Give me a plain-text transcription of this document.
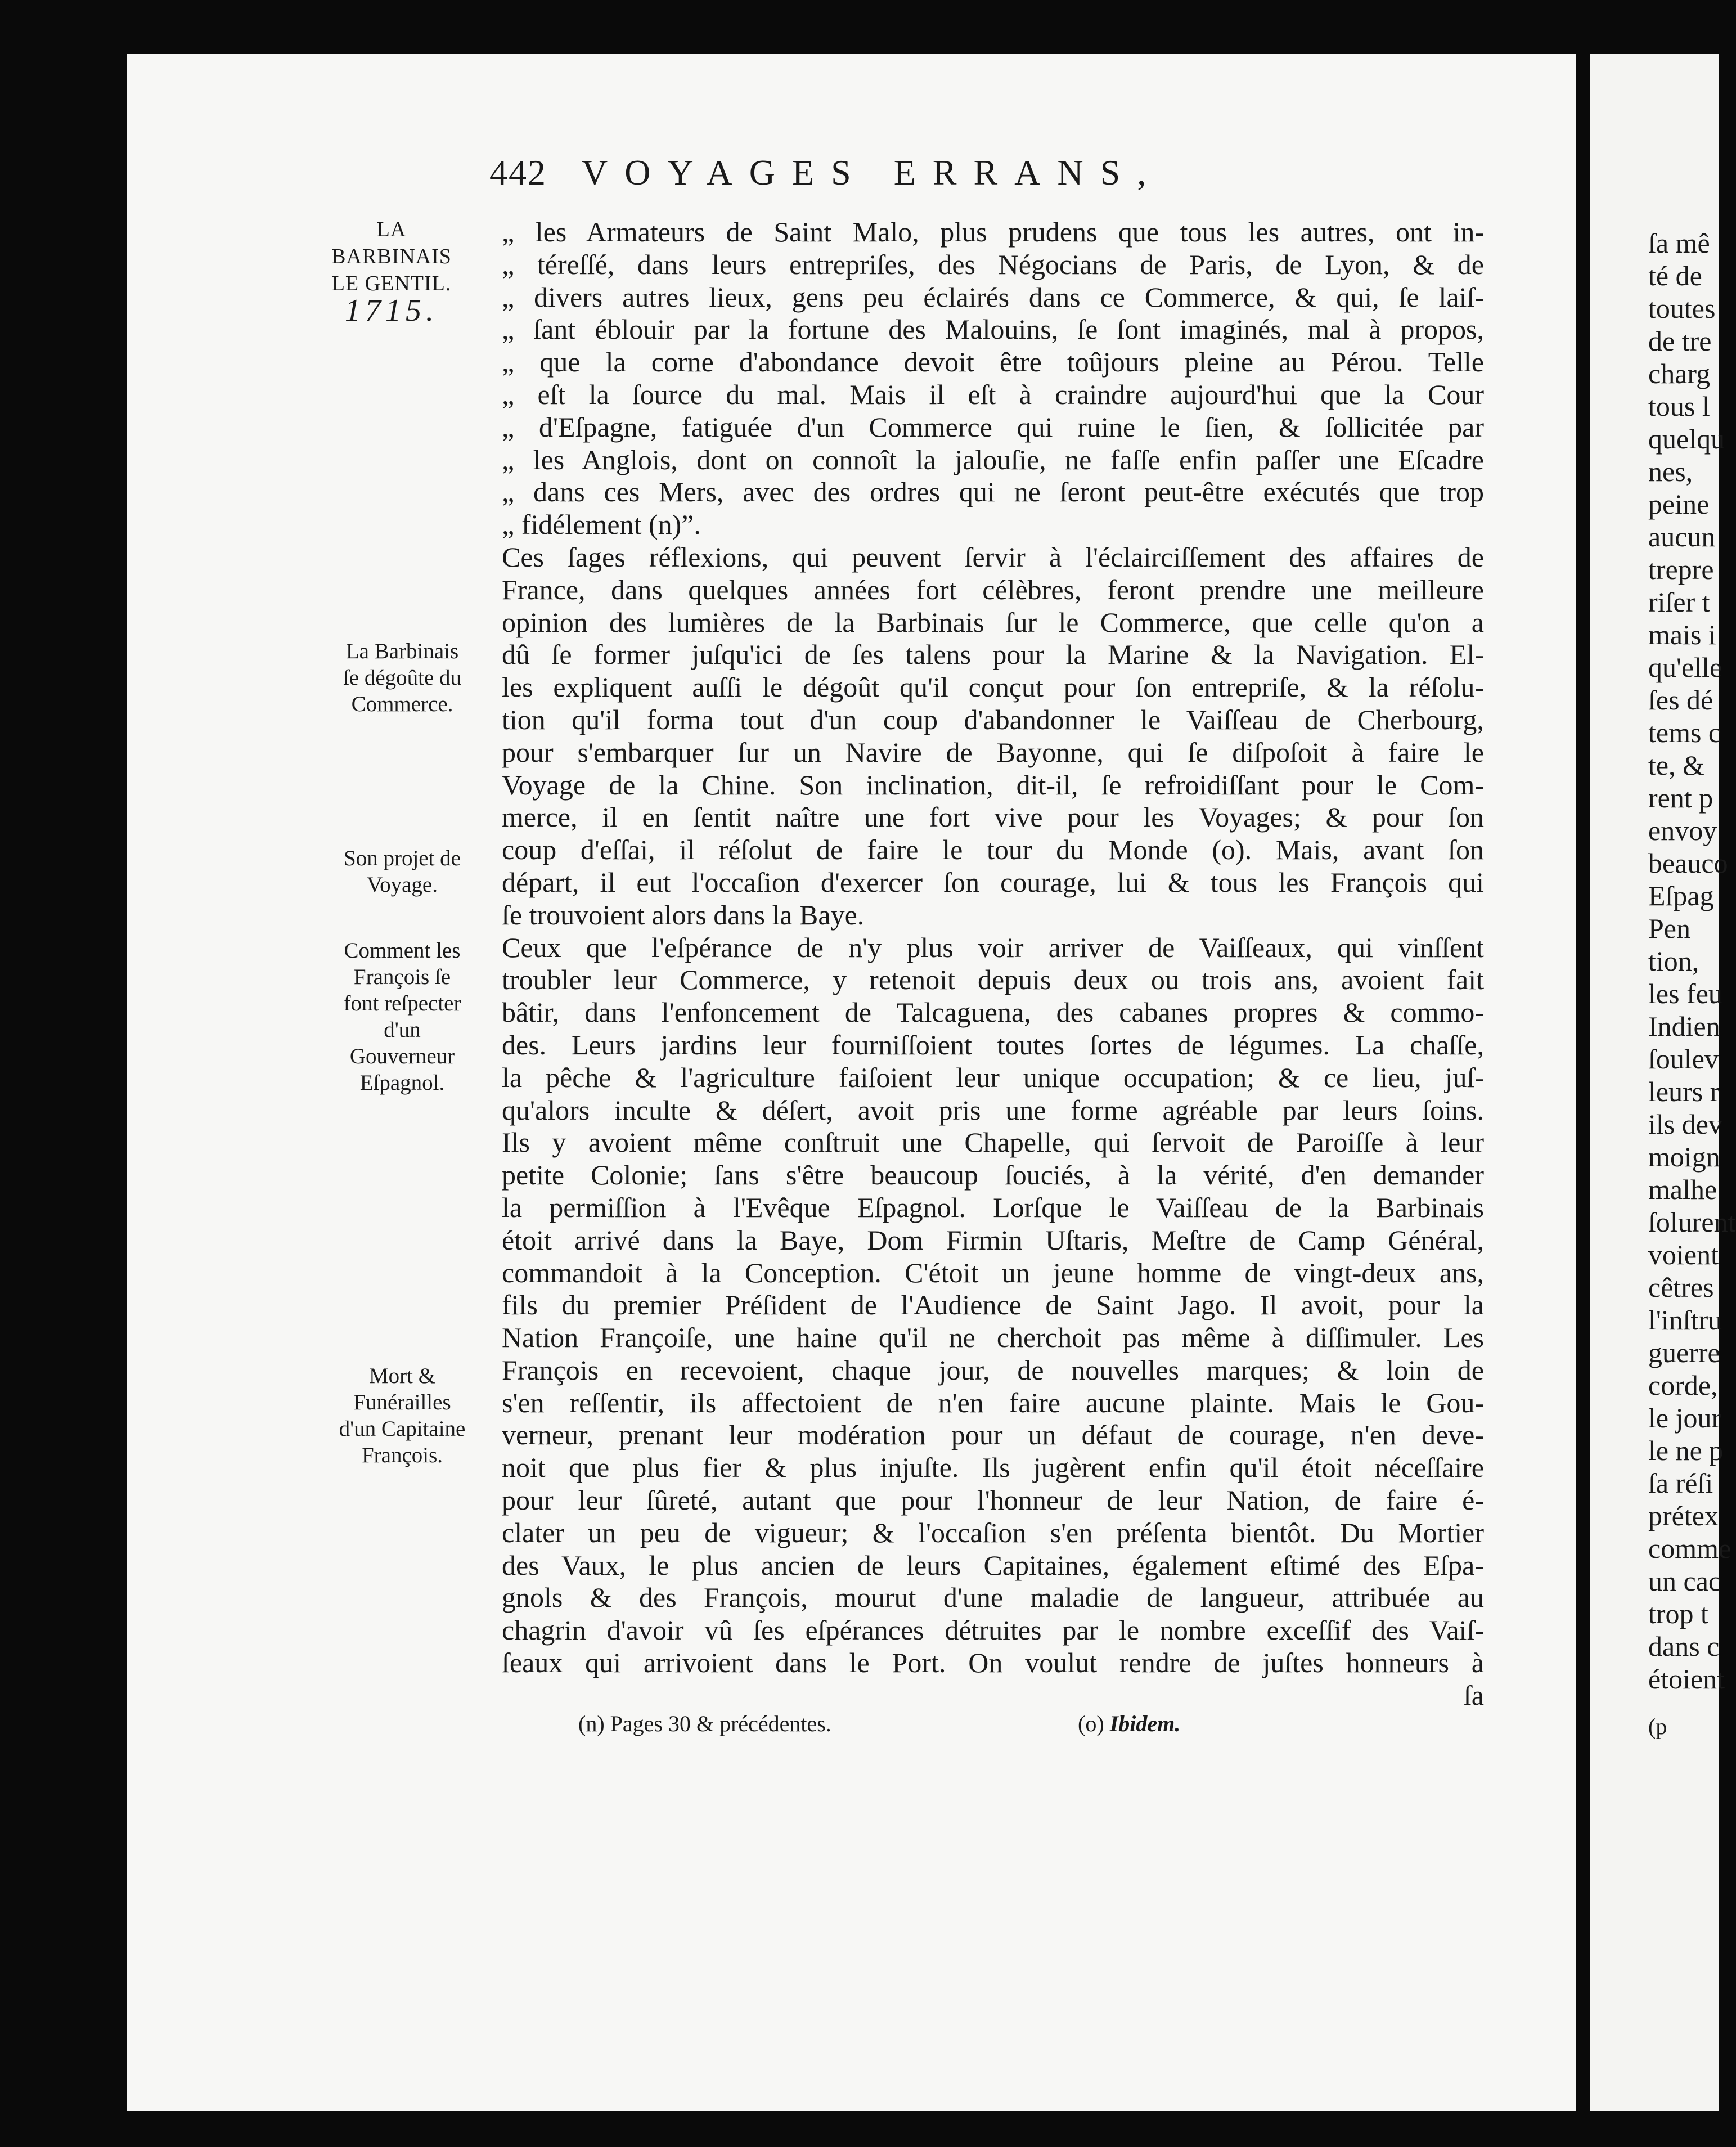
442 VOYAGES ERRANS,
LA BARBINAIS
LE GENTIL.
1715.
La Barbinais ſe dégoûte du Commerce.
Son projet de Voyage.
Comment les François ſe font reſpecter d'un Gouverneur Eſpagnol.
Mort & Funérailles d'un Capitaine François.
„ les Armateurs de Saint Malo, plus prudens que tous les autres, ont in-
„ téreſſé, dans leurs entrepriſes, des Négocians de Paris, de Lyon, & de
„ divers autres lieux, gens peu éclairés dans ce Commerce, & qui, ſe laiſ-
„ ſant éblouir par la fortune des Malouins, ſe ſont imaginés, mal à propos,
„ que la corne d'abondance devoit être toûjours pleine au Pérou. Telle
„ eſt la ſource du mal. Mais il eſt à craindre aujourd'hui que la Cour
„ d'Eſpagne, fatiguée d'un Commerce qui ruine le ſien, & ſollicitée par
„ les Anglois, dont on connoît la jalouſie, ne faſſe enfin paſſer une Eſcadre
„ dans ces Mers, avec des ordres qui ne ſeront peut-être exécutés que trop
„ fidélement (n)”.
Ces ſages réflexions, qui peuvent ſervir à l'éclairciſſement des affaires de
France, dans quelques années fort célèbres, feront prendre une meilleure
opinion des lumières de la Barbinais ſur le Commerce, que celle qu'on a
dû ſe former juſqu'ici de ſes talens pour la Marine & la Navigation. El-
les expliquent auſſi le dégoût qu'il conçut pour ſon entrepriſe, & la réſolu-
tion qu'il forma tout d'un coup d'abandonner le Vaiſſeau de Cherbourg,
pour s'embarquer ſur un Navire de Bayonne, qui ſe diſpoſoit à faire le
Voyage de la Chine. Son inclination, dit-il, ſe refroidiſſant pour le Com-
merce, il en ſentit naître une fort vive pour les Voyages; & pour ſon
coup d'eſſai, il réſolut de faire le tour du Monde (o). Mais, avant ſon
départ, il eut l'occaſion d'exercer ſon courage, lui & tous les François qui
ſe trouvoient alors dans la Baye.
Ceux que l'eſpérance de n'y plus voir arriver de Vaiſſeaux, qui vinſſent
troubler leur Commerce, y retenoit depuis deux ou trois ans, avoient fait
bâtir, dans l'enfoncement de Talcaguena, des cabanes propres & commo-
des. Leurs jardins leur fourniſſoient toutes ſortes de légumes. La chaſſe,
la pêche & l'agriculture faiſoient leur unique occupation; & ce lieu, juſ-
qu'alors inculte & déſert, avoit pris une forme agréable par leurs ſoins.
Ils y avoient même conſtruit une Chapelle, qui ſervoit de Paroiſſe à leur
petite Colonie; ſans s'être beaucoup ſouciés, à la vérité, d'en demander
la permiſſion à l'Evêque Eſpagnol. Lorſque le Vaiſſeau de la Barbinais
étoit arrivé dans la Baye, Dom Firmin Uſtaris, Meſtre de Camp Général,
commandoit à la Conception. C'étoit un jeune homme de vingt-deux ans,
fils du premier Préſident de l'Audience de Saint Jago. Il avoit, pour la
Nation Françoiſe, une haine qu'il ne cherchoit pas même à diſſimuler. Les
François en recevoient, chaque jour, de nouvelles marques; & loin de
s'en reſſentir, ils affectoient de n'en faire aucune plainte. Mais le Gou-
verneur, prenant leur modération pour un défaut de courage, n'en deve-
noit que plus fier & plus injuſte. Ils jugèrent enfin qu'il étoit néceſſaire
pour leur ſûreté, autant que pour l'honneur de leur Nation, de faire é-
clater un peu de vigueur; & l'occaſion s'en préſenta bientôt. Du Mortier
des Vaux, le plus ancien de leurs Capitaines, également eſtimé des Eſpa-
gnols & des François, mourut d'une maladie de langueur, attribuée au
chagrin d'avoir vû ſes eſpérances détruites par le nombre exceſſif des Vaiſ-
ſeaux qui arrivoient dans le Port. On voulut rendre de juſtes honneurs à
ſa
(n) Pages 30 & précédentes.	(o) Ibidem.
ſa mê
té de
toutes
de tre
charg
tous l
quelqu
nes,
peine
aucun
trepre
riſer t
mais i
qu'elle
ſes dé
tems c
te, &
rent p
envoy
beauco
Eſpag
Pen
tion,
les feu
Indien
ſoulev
leurs r
ils dev
moign
malhe
ſolurent
voient
cêtres
l'inſtru
guerre
corde,
le jour
le ne p
ſa réſi
prétex
comme
un cac
trop t
dans c
étoient
(p
